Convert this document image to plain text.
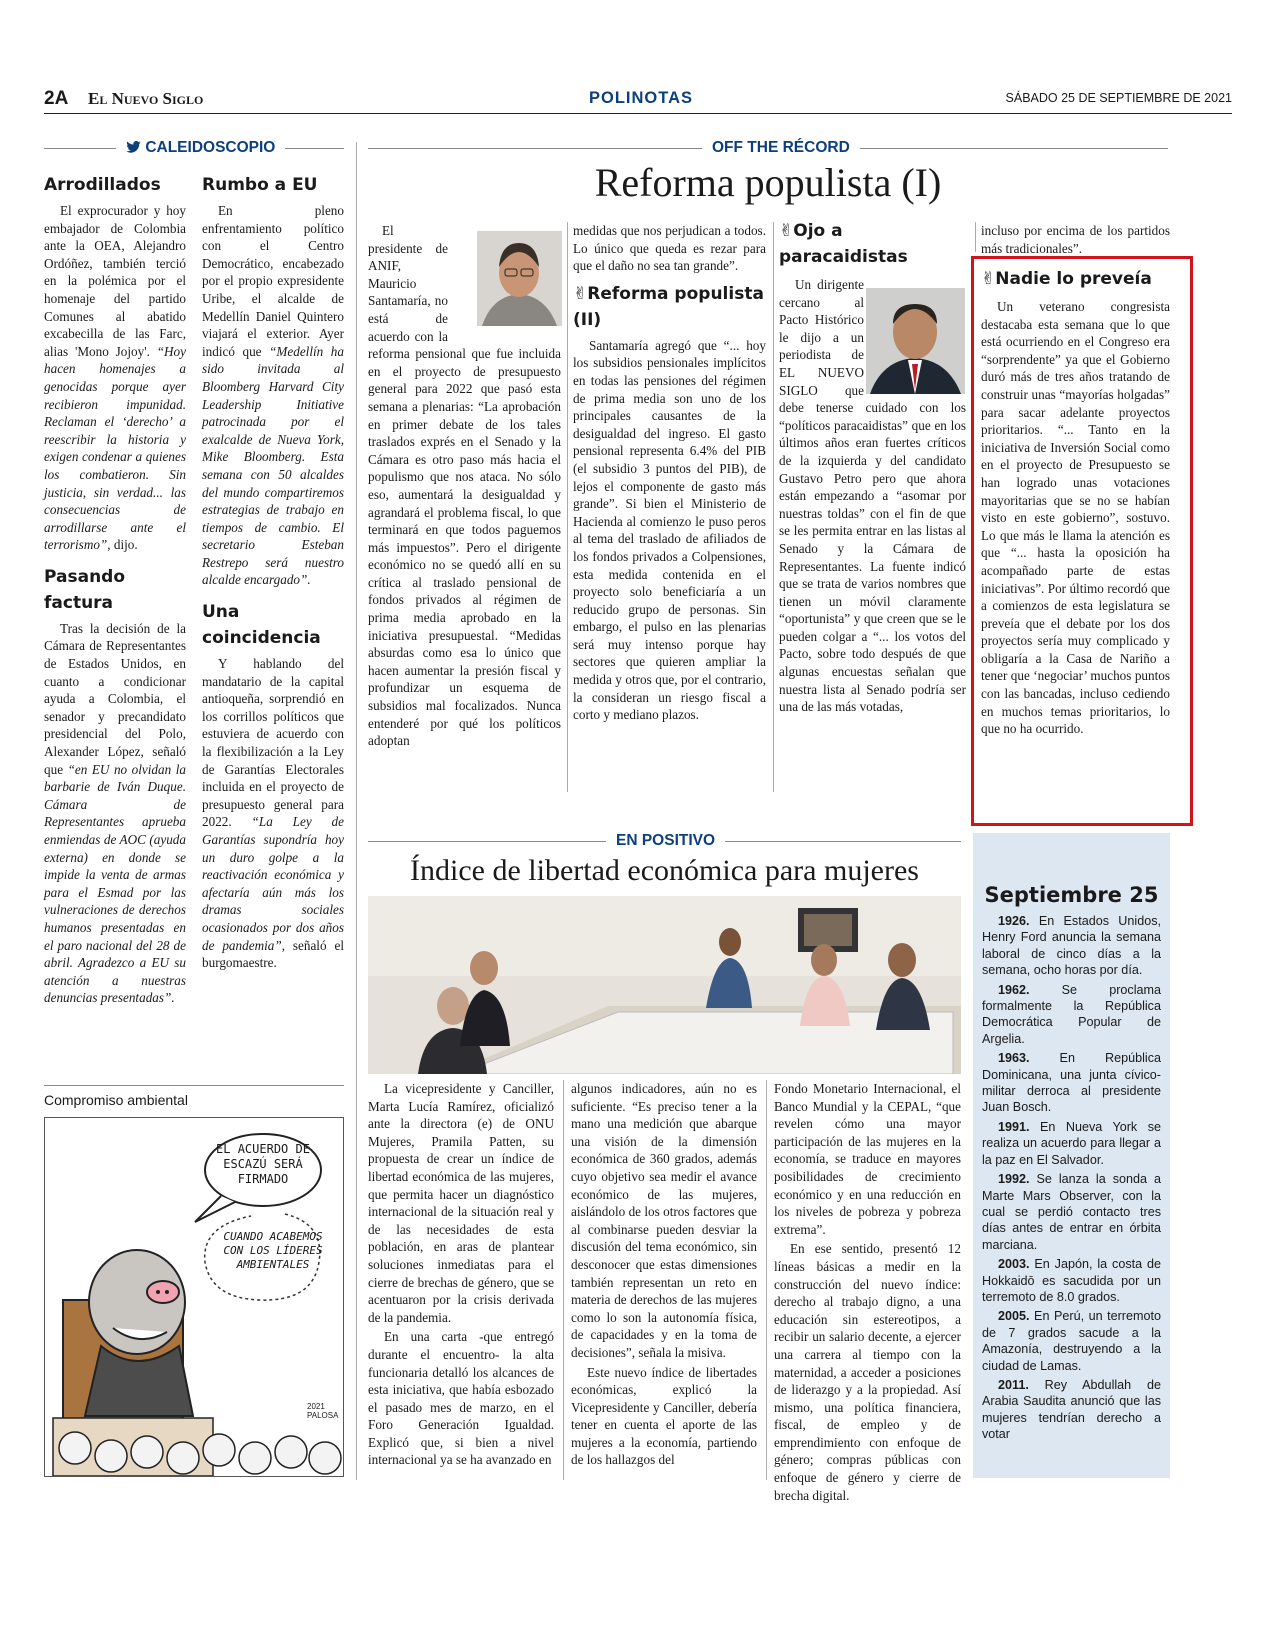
2A El Nuevo Siglo	POLINOTAS	SÁBADO 25 DE SEPTIEMBRE DE 2021
CALEIDOSCOPIO
Arrodillados

El exprocurador y hoy embajador de Colombia ante la OEA, Alejandro Ordóñez, también terció en la polémica por el homenaje del partido Comunes al abatido excabecilla de las Farc, alias 'Mono Jojoy'. “Hoy hacen homenajes a genocidas porque ayer recibieron impunidad. Reclaman el ‘derecho’ a reescribir la historia y exigen condenar a quienes los combatieron. Sin justicia, sin verdad... las consecuencias de arrodillarse ante el terrorismo”, dijo.

Pasando factura

Tras la decisión de la Cámara de Representantes de Estados Unidos, en cuanto a condicionar ayuda a Colombia, el senador y precandidato presidencial del Polo, Alexander López, señaló que “en EU no olvidan la barbarie de Iván Duque. Cámara de Representantes aprueba enmiendas de AOC (ayuda externa) en donde se impide la venta de armas para el Esmad por las vulneraciones de derechos humanos presentadas en el paro nacional del 28 de abril. Agradezco a EU su atención a nuestras denuncias presentadas”.

Rumbo a EU

En pleno enfrentamiento político con el Centro Democrático, encabezado por el propio expresidente Uribe, el alcalde de Medellín Daniel Quintero viajará el exterior. Ayer indicó que “Medellín ha sido invitada al Bloomberg Harvard City Leadership Initiative patrocinada por el exalcalde de Nueva York, Mike Bloomberg. Esta semana con 50 alcaldes del mundo compartiremos estrategias de trabajo en tiempos de cambio. El secretario Esteban Restrepo será nuestro alcalde encargado”.

Una coincidencia

Y hablando del mandatario de la capital antioqueña, sorprendió en los corrillos políticos que estuviera de acuerdo con la flexibilización a la Ley de Garantías Electorales incluida en el proyecto de presupuesto general para 2022. “La Ley de Garantías supondría hoy un duro golpe a la reactivación económica y afectaría aún más los dramas sociales ocasionados por dos años de pandemia”, señaló el burgomaestre.

Compromiso ambiental
EL ACUERDO DE ESCAZÚ SERÁ FIRMADO
CUANDO ACABEMOS CON LOS LÍDERES AMBIENTALES
2021 PALOSA
OFF THE RÉCORD
Reforma populista (I)

El presidente de ANIF, Mauricio Santamaría, no está de acuerdo con la reforma pensional que fue incluida en el proyecto de presupuesto general para 2022 que pasó esta semana a plenarias: “La aprobación en primer debate de los tales traslados exprés en el Senado y la Cámara es otro paso más hacia el populismo que nos ataca. No sólo eso, aumentará la desigualdad y agrandará el problema fiscal, lo que terminará en que todos paguemos más impuestos”. Pero el dirigente económico no se quedó allí en su crítica al traslado pensional de fondos privados al régimen de prima media aprobado en la iniciativa presupuestal. “Medidas absurdas como esa lo único que hacen aumentar la presión fiscal y profundizar un esquema de subsidios mal focalizados. Nunca entenderé por qué los políticos adoptan

medidas que nos perjudican a todos. Lo único que queda es rezar para que el daño no sea tan grande”.

✌Reforma populista (II)

Santamaría agregó que “... hoy los subsidios pensionales implícitos en todas las pensiones del régimen de prima media son uno de los principales causantes de la desigualdad del ingreso. El gasto pensional representa 6.4% del PIB (el subsidio 3 puntos del PIB), de lejos el componente de gasto más grande”. Si bien el Ministerio de Hacienda al comienzo le puso peros al tema del traslado de afiliados de los fondos privados a Colpensiones, esta medida contenida en el proyecto solo beneficiaría a un reducido grupo de personas. Sin embargo, el pulso en las plenarias será muy intenso porque hay sectores que quieren ampliar la medida y otros que, por el contrario, la consideran un riesgo fiscal a corto y mediano plazos.

✌Ojo a paracaidistas

Un dirigente cercano al Pacto Histórico le dijo a un periodista de EL NUEVO SIGLO que debe tenerse cuidado con los “políticos paracaidistas” que en los últimos años eran fuertes críticos de la izquierda y del candidato Gustavo Petro pero que ahora están empezando a “asomar por nuestras toldas” con el fin de que se les permita entrar en las listas al Senado y la Cámara de Representantes. La fuente indicó que se trata de varios nombres que tienen un móvil claramente “oportunista” y que creen que se le pueden colgar a “... los votos del Pacto, sobre todo después de que algunas encuestas señalan que nuestra lista al Senado podría ser una de las más votadas,

incluso por encima de los partidos más tradicionales”.

✌Nadie lo preveía

Un veterano congresista destacaba esta semana que lo que está ocurriendo en el Congreso era “sorprendente” ya que el Gobierno duró más de tres años tratando de construir unas “mayorías holgadas” para sacar adelante proyectos prioritarios. “... Tanto en la iniciativa de Inversión Social como en el proyecto de Presupuesto se han logrado unas votaciones mayoritarias que se no se habían visto en este gobierno”, sostuvo. Lo que más le llama la atención es que “... hasta la oposición ha acompañado parte de estas iniciativas”. Por último recordó que a comienzos de esta legislatura se preveía que el debate por los dos proyectos sería muy complicado y obligaría a la Casa de Nariño a tener que ‘negociar’ muchos puntos con las bancadas, incluso cediendo en muchos temas prioritarios, lo que no ha ocurrido.

EN POSITIVO
Índice de libertad económica para mujeres

La vicepresidente y Canciller, Marta Lucía Ramírez, oficializó ante la directora (e) de ONU Mujeres, Pramila Patten, su propuesta de crear un índice de libertad económica de las mujeres, que permita hacer un diagnóstico internacional de la situación real y de las necesidades de esta población, en aras de plantear soluciones inmediatas para el cierre de brechas de género, que se acentuaron por la crisis derivada de la pandemia.

En una carta -que entregó durante el encuentro- la alta funcionaria detalló los alcances de esta iniciativa, que había esbozado el pasado mes de marzo, en el Foro Generación Igualdad. Explicó que, si bien a nivel internacional ya se ha avanzado en

algunos indicadores, aún no es suficiente. “Es preciso tener a la mano una medición que abarque una visión de la dimensión económica de 360 grados, además cuyo objetivo sea medir el avance económico de las mujeres, aislándolo de los otros factores que al combinarse pueden desviar la discusión del tema económico, sin desconocer que estas dimensiones también representan un reto en materia de derechos de las mujeres como lo son la autonomía física, de capacidades y en la toma de decisiones”, señala la misiva.

Este nuevo índice de libertades económicas, explicó la Vicepresidente y Canciller, debería tener en cuenta el aporte de las mujeres a la economía, partiendo de los hallazgos del

Fondo Monetario Internacional, el Banco Mundial y la CEPAL, “que revelen cómo una mayor participación de las mujeres en la economía, se traduce en mayores posibilidades de crecimiento económico y en una reducción en los niveles de pobreza y pobreza extrema”.

En ese sentido, presentó 12 líneas básicas a medir en la construcción del nuevo índice: derecho al trabajo digno, a una educación sin estereotipos, a recibir un salario decente, a ejercer una carrera al tiempo con la maternidad, a acceder a posiciones de liderazgo y a la propiedad. Así mismo, una política financiera, fiscal, de empleo y de emprendimiento con enfoque de género; compras públicas con enfoque de género y cierre de brecha digital.

Septiembre 25

1926. En Estados Unidos, Henry Ford anuncia la semana laboral de cinco días a la semana, ocho horas por día.

1962. Se proclama formalmente la República Democrática Popular de Argelia.

1963. En República Dominicana, una junta cívico-militar derroca al presidente Juan Bosch.

1991. En Nueva York se realiza un acuerdo para llegar a la paz en El Salvador.

1992. Se lanza la sonda a Marte Mars Observer, con la cual se perdió contacto tres días antes de entrar en órbita marciana.

2003. En Japón, la costa de Hokkaidō es sacudida por un terremoto de 8.0 grados.

2005. En Perú, un terremoto de 7 grados sacude a la Amazonía, destruyendo a la ciudad de Lamas.

2011. Rey Abdullah de Arabia Saudita anunció que las mujeres tendrían derecho a votar
